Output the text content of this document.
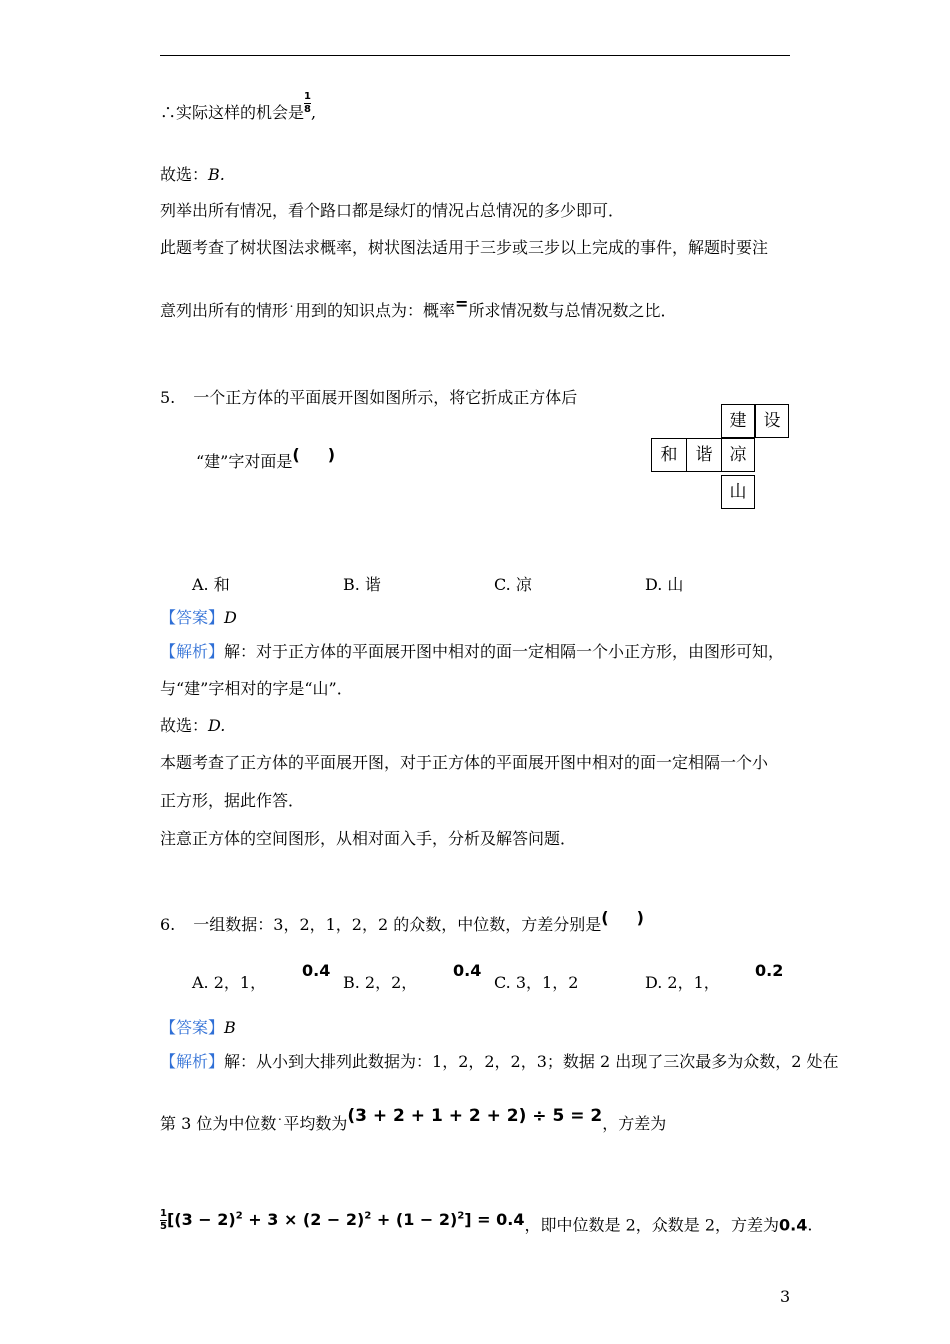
∴实际这样的机会是 $\frac{1}{8}$ ,
故选：B.
列举出所有情况，看个路口都是绿灯的情况占总情况的多少即可．
此题考查了树状图法求概率，树状图法适用于三步或三步以上完成的事件，解题时要注
意列出所有的情形˙用到的知识点为：概率=所求情况数与总情况数之比．
5. 一个正方体的平面展开图如图所示，将它折成正方体后
“建”字对面是( )
建	设
和	谐	凉
山
A. 和	B. 谐	C. 凉	D. 山
【答案】D
【解析】解：对于正方体的平面展开图中相对的面一定相隔一个小正方形，由图形可知，
与“建”字相对的字是“山”．
故选：D.
本题考查了正方体的平面展开图，对于正方体的平面展开图中相对的面一定相隔一个小
正方形，据此作答．
注意正方体的空间图形，从相对面入手，分析及解答问题．
6. 一组数据：3，2，1，2，2 的众数，中位数，方差分别是( )
A. 2，1，
0.4
B. 2，2，
0.4
C. 3，1，2	D. 2，1，
0.2
【答案】B
【解析】解：从小到大排列此数据为：1，2，2，2，3；数据 2 出现了三次最多为众数，2 处在
第 3 位为中位数˙平均数为(3 + 2 + 1 + 2 + 2) ÷ 5 = 2，方差为
$\frac{1}{5} [(3 - 2)^2 + 3 \times (2 - 2)^2 + (1 - 2)^2] = 0.4$，即中位数是 2，众数是 2，方差为0.4.
3
